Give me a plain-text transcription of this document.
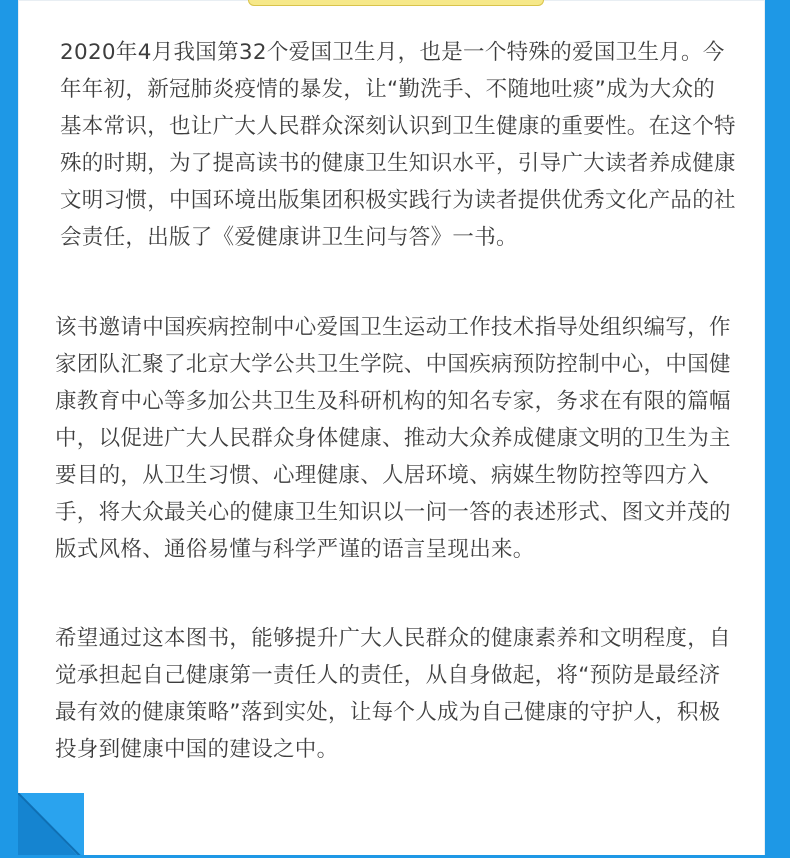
2020年4月我国第32个爱国卫生月，也是一个特殊的爱国卫生月。今年年初，新冠肺炎疫情的暴发，让“勤洗手、不随地吐痰”成为大众的基本常识，也让广大人民群众深刻认识到卫生健康的重要性。在这个特殊的时期，为了提高读书的健康卫生知识水平，引导广大读者养成健康文明习惯，中国环境出版集团积极实践行为读者提供优秀文化产品的社会责任，出版了《爱健康讲卫生问与答》一书。
该书邀请中国疾病控制中心爱国卫生运动工作技术指导处组织编写，作家团队汇聚了北京大学公共卫生学院、中国疾病预防控制中心，中国健康教育中心等多加公共卫生及科研机构的知名专家，务求在有限的篇幅中，以促进广大人民群众身体健康、推动大众养成健康文明的卫生为主要目的，从卫生习惯、心理健康、人居环境、病媒生物防控等四方入手，将大众最关心的健康卫生知识以一问一答的表述形式、图文并茂的版式风格、通俗易懂与科学严谨的语言呈现出来。
希望通过这本图书，能够提升广大人民群众的健康素养和文明程度，自觉承担起自己健康第一责任人的责任，从自身做起，将“预防是最经济最有效的健康策略”落到实处，让每个人成为自己健康的守护人，积极投身到健康中国的建设之中。
